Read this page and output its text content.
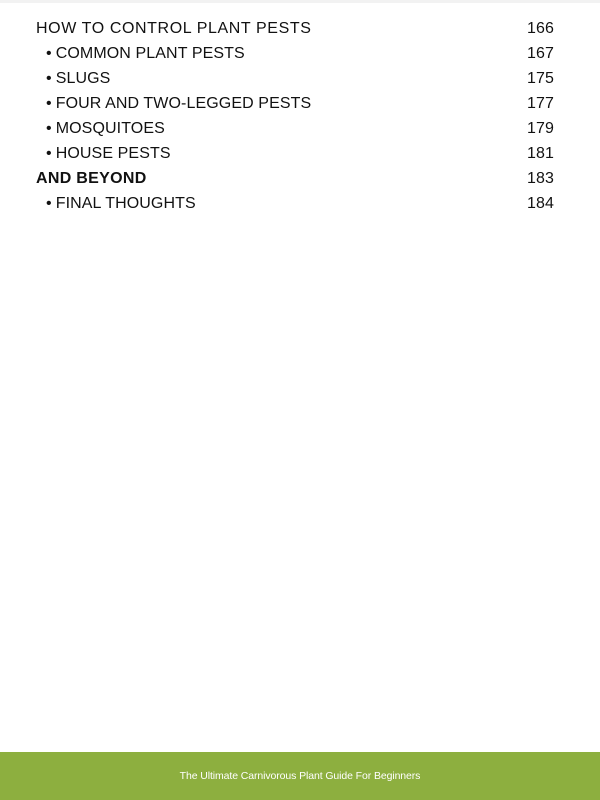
HOW TO CONTROL PLANT PESTS	166
• COMMON PLANT PESTS	167
• SLUGS	175
• FOUR AND TWO-LEGGED PESTS	177
• MOSQUITOES	179
• HOUSE PESTS	181
AND BEYOND	183
• FINAL THOUGHTS	184
The Ultimate Carnivorous Plant Guide For Beginners
